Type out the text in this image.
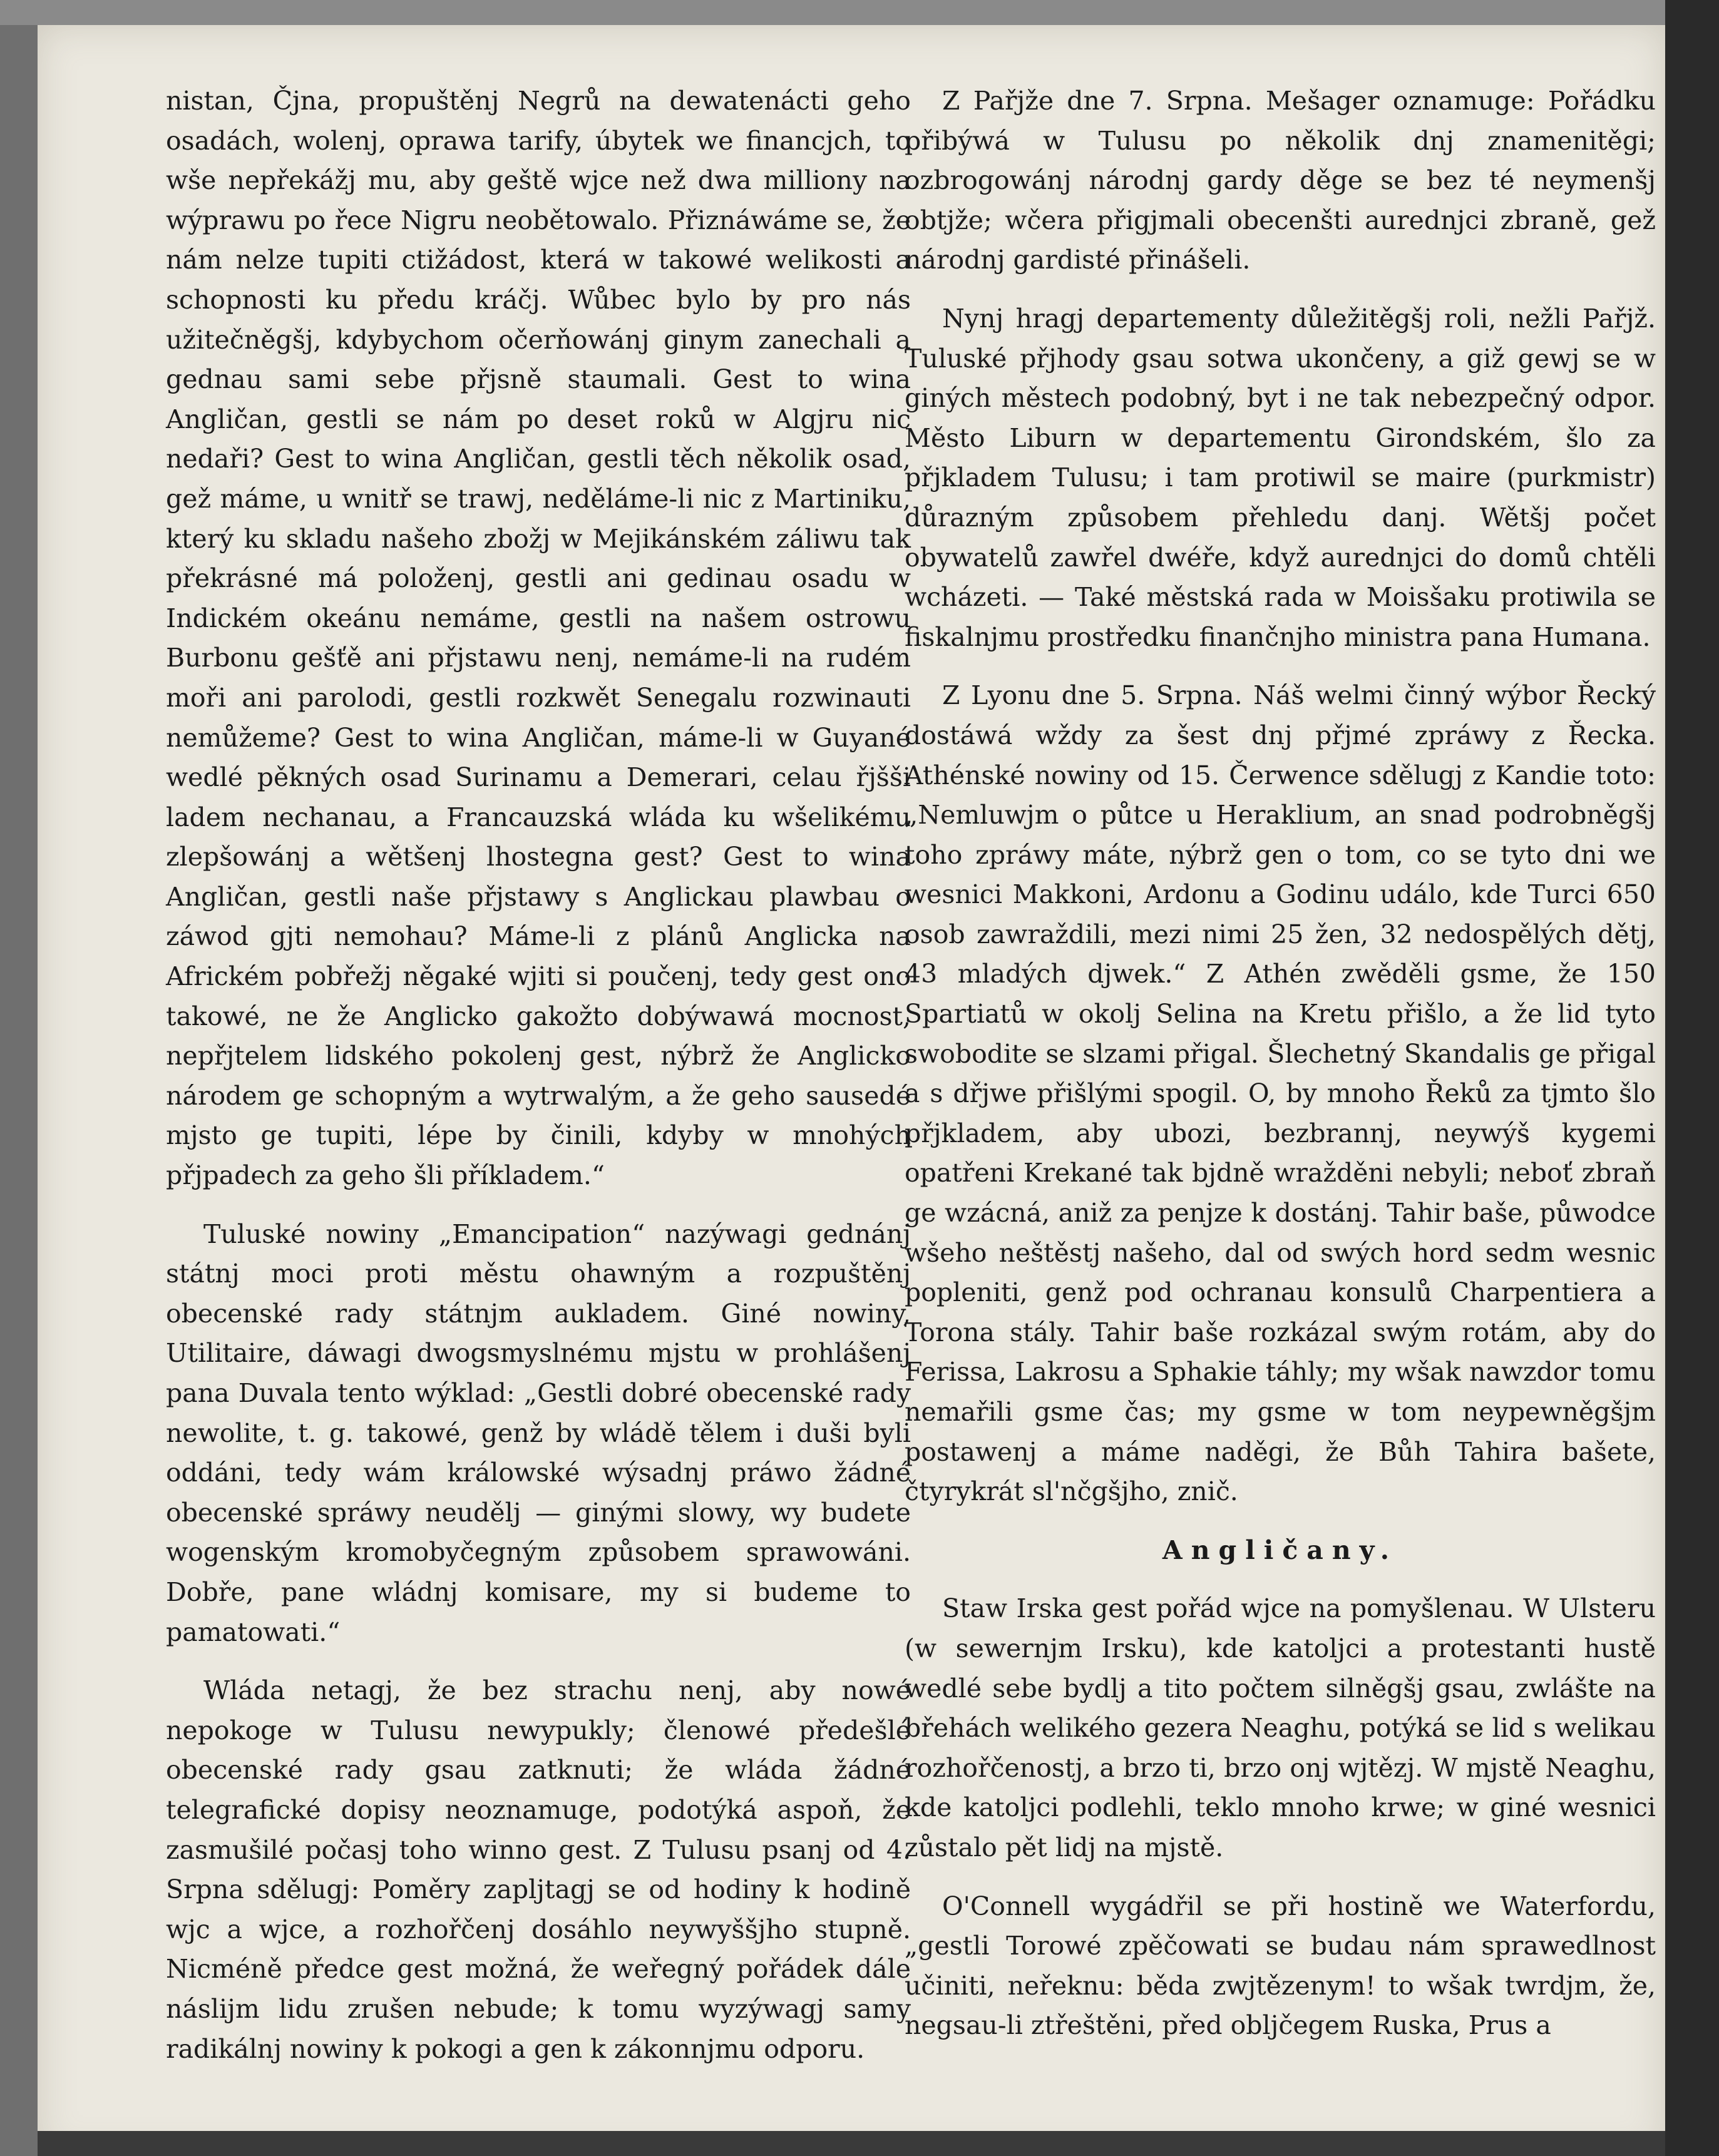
nistan, Čjna, propuštěnj Negrů na dewatenácti geho osadách, wolenj, oprawa tarify, úbytek we financjch, to wše nepřekážj mu, aby geště wjce než dwa milliony na wýprawu po řece Nigru neobětowalo. Přiznáwáme se, že nám nelze tupiti ctižádost, která w takowé welikosti a schopnosti ku předu kráčj. Wůbec bylo by pro nás užitečněgšj, kdybychom očerňowánj ginym zanechali a gednau sami sebe přjsně staumali. Gest to wina Angličan, gestli se nám po deset roků w Algjru nic nedaři? Gest to wina Angličan, gestli těch několik osad, gež máme, u wnitř se trawj, neděláme-li nic z Martiniku, který ku skladu našeho zbožj w Mejikánském záliwu tak překrásné má položenj, gestli ani gedinau osadu w Indickém okeánu nemáme, gestli na našem ostrowu Burbonu gešťě ani přjstawu nenj, nemáme-li na rudém moři ani parolodi, gestli rozkwět Senegalu rozwinauti nemůžeme? Gest to wina Angličan, máme-li w Guyané wedlé pěkných osad Surinamu a Demerari, celau řjšši ladem nechanau, a Francauzská wláda ku wšelikému zlepšowánj a wětšenj lhostegna gest? Gest to wina Angličan, gestli naše přjstawy s Anglickau plawbau o záwod gjti nemohau? Máme-li z plánů Anglicka na Africkém pobřežj něgaké wjiti si poučenj, tedy gest ono takowé, ne že Anglicko gakožto dobýwawá mocnost, nepřjtelem lidského pokolenj gest, nýbrž že Anglicko národem ge schopným a wytrwalým, a že geho sausedé mjsto ge tupiti, lépe by činili, kdyby w mnohých přjpadech za geho šli příkladem.“

Tuluské nowiny „Emancipation“ nazýwagi gednánj státnj moci proti městu ohawným a rozpuštěnj obecenské rady státnjm aukladem. Giné nowiny, Utilitaire, dáwagi dwogsmyslnému mjstu w prohlášenj pana Duvala tento wýklad: „Gestli dobré obecenské rady newolite, t. g. takowé, genž by wládě tělem i duši byli oddáni, tedy wám králowské wýsadnj práwo žádné obecenské spráwy neudělj — ginými slowy, wy budete wogenským kromobyčegným způsobem sprawowáni. Dobře, pane wládnj komisare, my si budeme to pamatowati.“

Wláda netagj, že bez strachu nenj, aby nowé nepokoge w Tulusu newypukly; členowé předešlé obecenské rady gsau zatknuti; že wláda žádné telegrafické dopisy neoznamuge, podotýká aspoň, že zasmušilé počasj toho winno gest. Z Tulusu psanj od 4. Srpna sdělugj: Poměry zapljtagj se od hodiny k hodině wjc a wjce, a rozhořčenj dosáhlo neywyššjho stupně. Nicméně předce gest možná, že weřegný pořádek dále náslijm lidu zrušen nebude; k tomu wyzýwagj samy radikálnj nowiny k pokogi a gen k zákonnjmu odporu.

Z Pařjže dne 7. Srpna. Mešager oznamuge: Pořádku přibýwá w Tulusu po několik dnj znamenitěgi; ozbrogowánj národnj gardy děge se bez té neymenšj obtjže; wčera přigjmali obecenšti aurednjci zbraně, gež národnj gardisté přinášeli.

Nynj hragj departementy důležitěgšj roli, nežli Pařjž. Tuluské přjhody gsau sotwa ukončeny, a giž gewj se w giných městech podobný, byt i ne tak nebezpečný odpor. Město Liburn w departementu Girondském, šlo za přjkladem Tulusu; i tam protiwil se maire (purkmistr) důrazným způsobem přehledu danj. Wětšj počet obywatelů zawřel dwéře, když aurednjci do domů chtěli wcházeti. — Také městská rada w Moisšaku protiwila se fiskalnjmu prostředku finančnjho ministra pana Humana.

Z Lyonu dne 5. Srpna. Náš welmi činný wýbor Řecký dostáwá wždy za šest dnj přjmé zpráwy z Řecka. Athénské nowiny od 15. Čerwence sdělugj z Kandie toto: „Nemluwjm o půtce u Heraklium, an snad podrobněgšj toho zpráwy máte, nýbrž gen o tom, co se tyto dni we wesnici Makkoni, Ardonu a Godinu událo, kde Turci 650 osob zawraždili, mezi nimi 25 žen, 32 nedospělých dětj, 43 mladých djwek.“ Z Athén zwěděli gsme, že 150 Spartiatů w okolj Selina na Kretu přišlo, a že lid tyto swobodite se slzami přigal. Šlechetný Skandalis ge přigal a s dřjwe přišlými spogil. O, by mnoho Řeků za tjmto šlo přjkladem, aby ubozi, bezbrannj, neywýš kygemi opatřeni Krekané tak bjdně wražděni nebyli; neboť zbraň ge wzácná, aniž za penjze k dostánj. Tahir baše, půwodce wšeho neštěstj našeho, dal od swých hord sedm wesnic popleniti, genž pod ochranau konsulů Charpentiera a Torona stály. Tahir baše rozkázal swým rotám, aby do Ferissa, Lakrosu a Sphakie táhly; my wšak nawzdor tomu nemařili gsme čas; my gsme w tom neypewněgšjm postawenj a máme naděgi, že Bůh Tahira bašete, čtyrykrát sl'nčgšjho, znič.

Angličany.

Staw Irska gest pořád wjce na pomyšlenau. W Ulsteru (w sewernjm Irsku), kde katoljci a protestanti hustě wedlé sebe bydlj a tito počtem silněgšj gsau, zwlášte na břehách welikého gezera Neaghu, potýká se lid s welikau rozhořčenostj, a brzo ti, brzo onj wjtězj. W mjstě Neaghu, kde katoljci podlehli, teklo mnoho krwe; w giné wesnici zůstalo pět lidj na mjstě.

O'Connell wygádřil se při hostině we Waterfordu, „gestli Torowé zpěčowati se budau nám sprawedlnost učiniti, neřeknu: běda zwjtězenym! to wšak twrdjm, že, negsau-li ztřeštěni, před obljčegem Ruska, Prus a
